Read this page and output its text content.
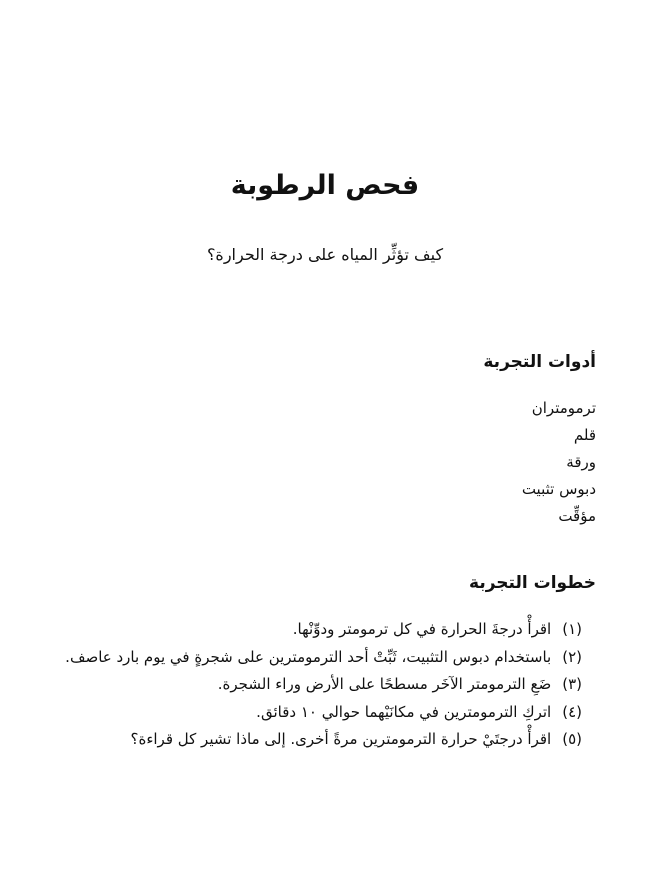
فحص الرطوبة

كيف تؤثِّر المياه على درجة الحرارة؟

أدوات التجربة
ترمومتران
قلم
ورقة
دبوس تثبيت
مؤقِّت
خطوات التجربة
(١) اقرأْ درجةَ الحرارة في كل ترمومتر ودوِّنْها.
(٢) باستخدام دبوس التثبيت، ثَبِّتْ أحد الترمومترين على شجرةٍ في يوم بارد عاصف.
(٣) ضَعِ الترمومتر الآخَر مسطحًا على الأرض وراء الشجرة.
(٤) اتركِ الترمومترين في مكانَيْهما حوالي ١٠ دقائق.
(٥) اقرأْ درجتَيْ حرارة الترمومترين مرةً أخرى. إلى ماذا تشير كل قراءة؟
